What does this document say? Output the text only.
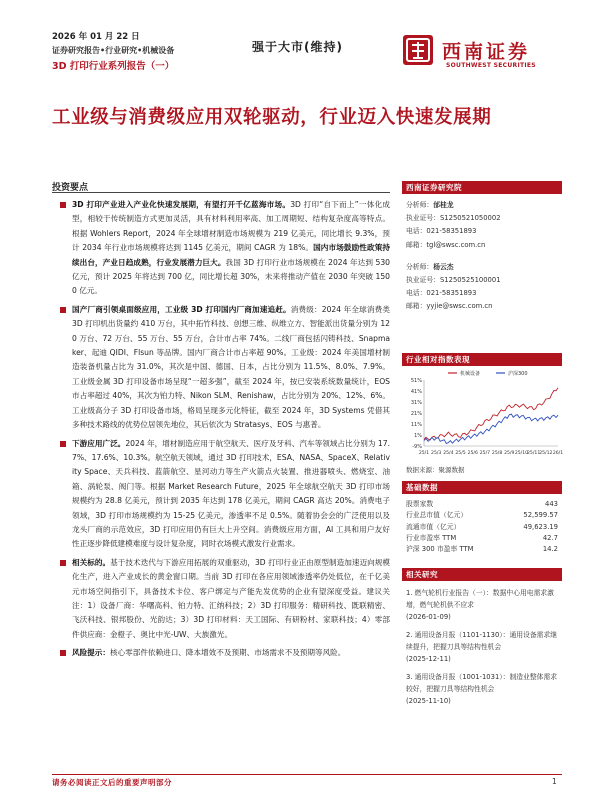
2026 年 01 月 22 日
证券研究报告•行业研究•机械设备
3D 打印行业系列报告（一）
强于大市(维持)	西南证券
SOUTHWEST SECURITIES
工业级与消费级应用双轮驱动，行业迈入快速发展期
投资要点
3D 打印产业进入产业化快速发展期，有望打开千亿蓝海市场。3D 打印“自下而上”一体化成型，相较于传统制造方式更加灵活，具有材料利用率高、加工周期短、结构复杂度高等特点。根据 Wohlers Report，2024 年全球增材制造市场规模为 219 亿美元，同比增长 9.3%，预计 2034 年行业市场规模将达到 1145 亿美元，期间 CAGR 为 18%。国内市场鼓励性政策持续出台，产业日趋成熟，行业发展潜力巨大。我国 3D 打印行业市场规模在 2024 年达到 530 亿元，预计 2025 年将达到 700 亿，同比增长超 30%，未来将推动产值在 2030 年突破 1500 亿元。
国产厂商引领桌面级应用，工业级 3D 打印国内厂商加速追赶。消费级：2024 年全球消费类 3D 打印机出货量约 410 万台，其中拓竹科技、创想三维、纵维立方、智能派出货量分别为 120 万台、72 万台、55 万台、55 万台，合计市占率 74%。二线厂商包括闪铸科技、Snapmaker、起迪 QIDI、Flsun 等品牌。国内厂商合计市占率超 90%。工业级：2024 年美国增材制造装备机量占比为 31.0%，其次是中国、德国、日本，占比分别为 11.5%、8.0%、7.9%。工业级金属 3D 打印设备市场呈现“一超多强”，截至 2024 年，按已安装系统数量统计，EOS 市占率超过 40%，其次为铂力特、Nikon SLM、Renishaw，占比分别为 20%、12%、6%。工业级高分子 3D 打印设备市场，格局呈现多元化特征，截至 2024 年，3D Systems 凭借其多种技术路线的优势位居领先地位，其后依次为 Stratasys、EOS 与惠普。
下游应用广泛。2024 年，增材制造应用于航空航天、医疗及牙科、汽车等领域占比分别为 17.7%、17.6%、10.3%。航空航天领域，通过 3D 打印技术，ESA、NASA、SpaceX、Relativity Space、天兵科技、蓝箭航空、星河动力等生产火箭点火装置、推进器喷头、燃烧室、油箱、涡轮泵、阀门等。根据 Market Research Future，2025 年全球航空航天 3D 打印市场规模约为 28.8 亿美元，预计到 2035 年达到 178 亿美元，期间 CAGR 高达 20%。消费电子领域，3D 打印市场规模约为 15-25 亿美元，渗透率不足 0.5%。随着协会会的广泛使用以及龙头厂商的示范效应，3D 打印应用仍有巨大上升空间。消费级应用方面，AI 工具和用户友好性正逐步降低建模难度与设计复杂度，同时衣场模式激发行业需求。
相关标的。基于技术迭代与下游应用拓展的双重驱动，3D 打印行业正由原型制造加速迈向规模化生产，进入产业成长的黄金窗口期。当前 3D 打印在各应用领域渗透率仍处低位，在千亿美元市场空间指引下，具备技术卡位、客户绑定与产能先发优势的企业有望深度受益。建议关注：1）设备厂商：华曙高科、铂力特、汇纳科技；2）3D 打印服务：精研科技、既联精密、飞沃科技、银邦股份、光韵达；3）3D 打印材料：天工国际、有研粉材、家联科技；4）零部件供应商：金橙子、奥比中光-UW、大族激光。
风险提示：核心零部件依赖进口、降本增效不及预期、市场需求不及预期等风险。
西南证券研究院
分析师：邰桂龙
执业证号：S1250521050002
电话：021-58351893
邮箱：tgl@swsc.com.cn
分析师：杨云杰
执业证号：S1250525100001
电话：021-58351893
邮箱：yyjie@swsc.com.cn
行业相对指数表现
51%
41%
31%
21%
11%
1%
-9%
25/1 25/3 25/4 25/5 25/6 25/7 25/8 25/9 25/10
25/11
25/12 26/1
机械设备	沪深300
数据来源：聚源数据
基础数据
股票家数	443
行业总市值（亿元）	52,599.57
流通市值（亿元）	49,623.19
行业市盈率 TTM	42.7
沪深 300 市盈率 TTM	14.2
相关研究
1. 燃气轮机行业报告（一）：数据中心用电需求激增，燃气轮机供不应求
(2026-01-09)
2. 通用设备月报（1101-1130）：通用设备需求继续提升，把握刀具等结构性机会
(2025-12-11)
3. 通用设备月报（1001-1031）：制造业整体需求较好，把握刀具等结构性机会
(2025-11-10)
请务必阅读正文后的重要声明部分	1
